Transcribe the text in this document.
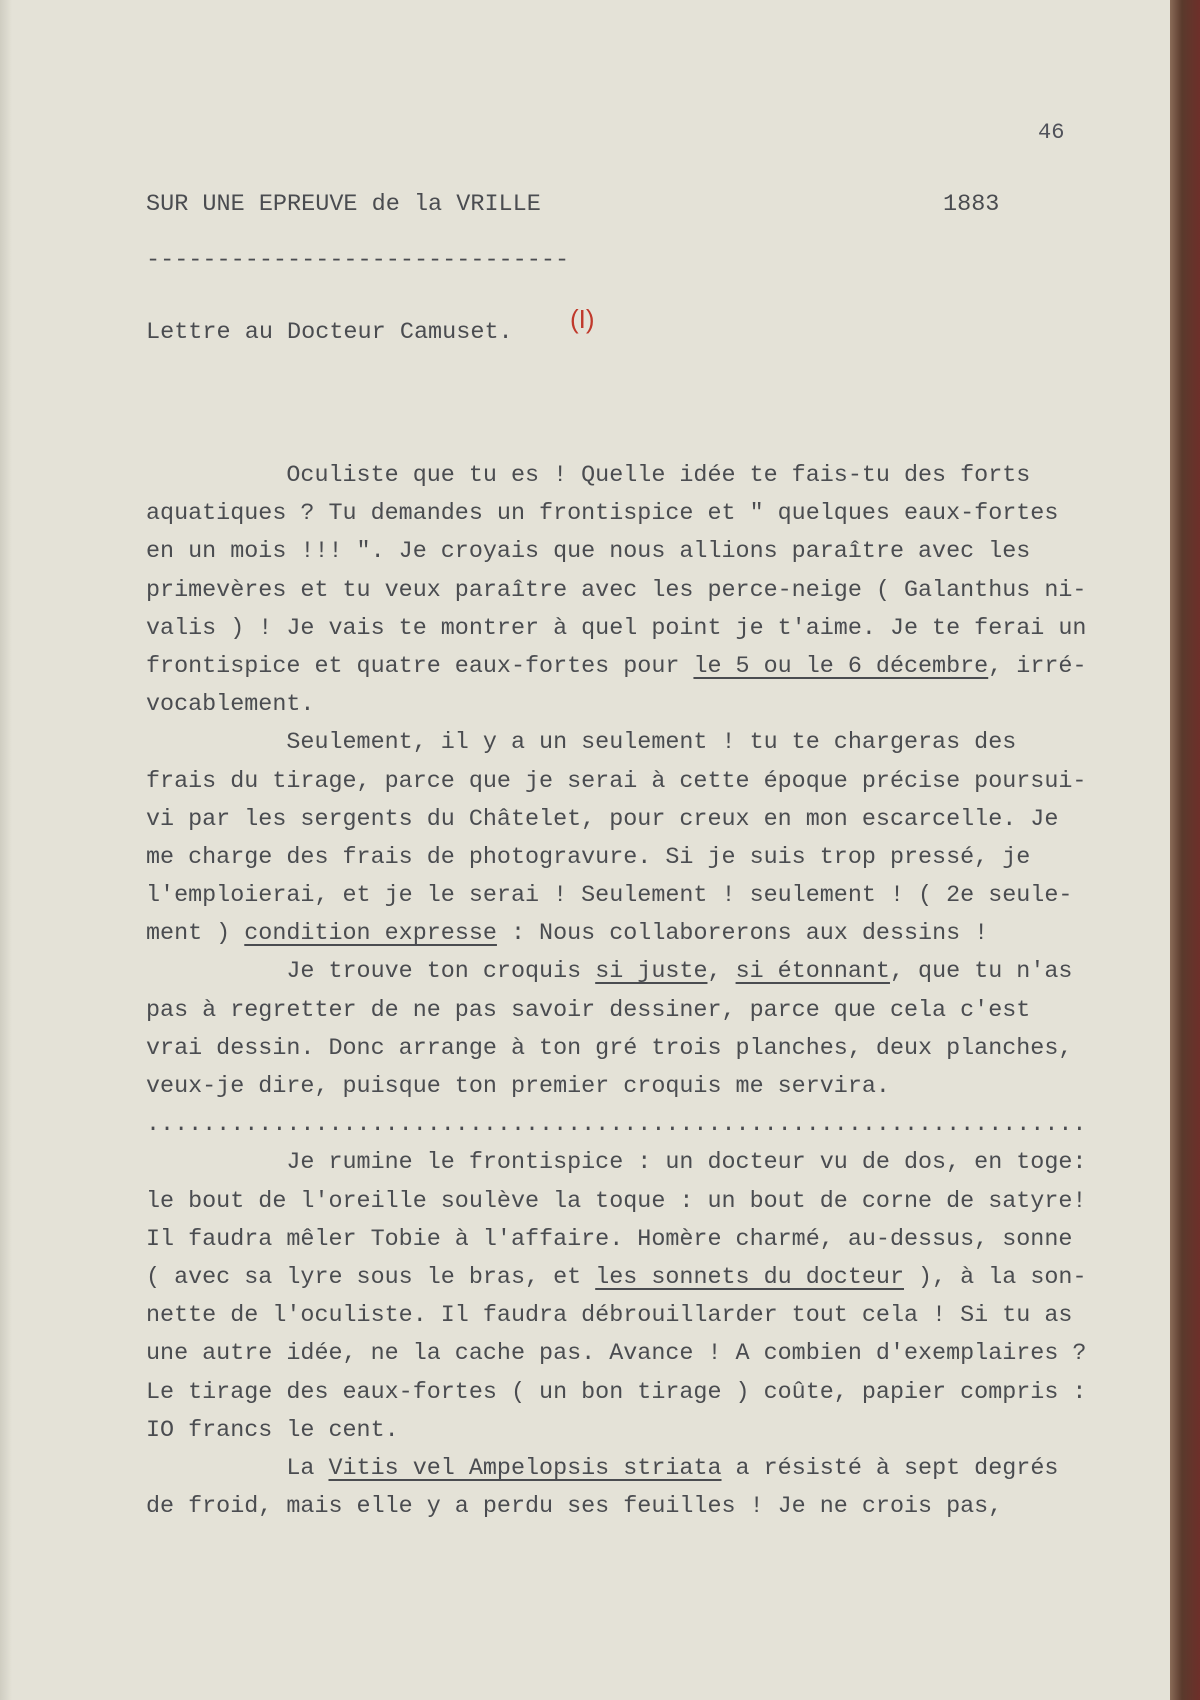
46
SUR UNE EPREUVE de la VRILLE	1883
------------------------------
Lettre au Docteur Camuset. (I)

Oculiste que tu es ! Quelle idée te fais-tu des forts

aquatiques ? Tu demandes un frontispice et " quelques eaux-fortes

en un mois !!! ". Je croyais que nous allions paraître avec les

primevères et tu veux paraître avec les perce-neige ( Galanthus ni-

valis ) ! Je vais te montrer à quel point je t'aime. Je te ferai un

frontispice et quatre eaux-fortes pour le 5 ou le 6 décembre, irré-

vocablement.

Seulement, il y a un seulement ! tu te chargeras des

frais du tirage, parce que je serai à cette époque précise poursui-

vi par les sergents du Châtelet, pour creux en mon escarcelle. Je

me charge des frais de photogravure. Si je suis trop pressé, je

l'emploierai, et je le serai ! Seulement ! seulement ! ( 2e seule-

ment ) condition expresse : Nous collaborerons aux dessins !

Je trouve ton croquis si juste, si étonnant, que tu n'as

pas à regretter de ne pas savoir dessiner, parce que cela c'est

vrai dessin. Donc arrange à ton gré trois planches, deux planches,

veux-je dire, puisque ton premier croquis me servira.

...................................................................

Je rumine le frontispice : un docteur vu de dos, en toge:

le bout de l'oreille soulève la toque : un bout de corne de satyre!

Il faudra mêler Tobie à l'affaire. Homère charmé, au-dessus, sonne

( avec sa lyre sous le bras, et les sonnets du docteur ), à la son-

nette de l'oculiste. Il faudra débrouillarder tout cela ! Si tu as

une autre idée, ne la cache pas. Avance ! A combien d'exemplaires ?

Le tirage des eaux-fortes ( un bon tirage ) coûte, papier compris :

IO francs le cent.

La Vitis vel Ampelopsis striata a résisté à sept degrés

de froid, mais elle y a perdu ses feuilles ! Je ne crois pas,
